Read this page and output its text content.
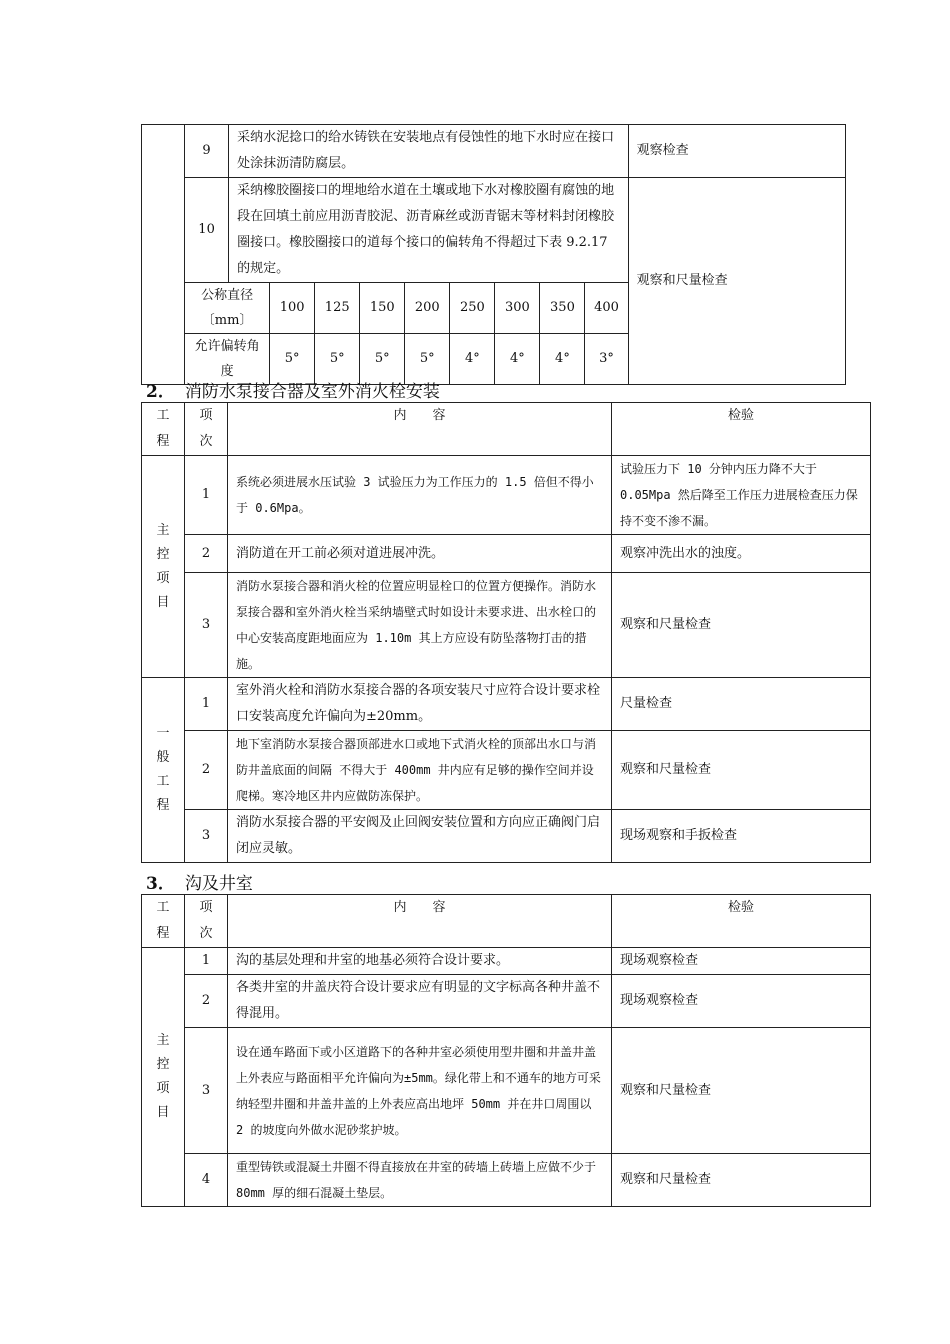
	9	采纳水泥捻口的给水铸铁在安装地点有侵蚀性的地下水时应在接口处涂抹沥清防腐层。									观察检查
	10	采纳橡胶圈接口的埋地给水道在土壤或地下水对橡胶圈有腐蚀的地段在回填土前应用沥青胶泥、沥青麻丝或沥青锯末等材料封闭橡胶圈接口。橡胶圈接口的道每个接口的偏转角不得超过下表 9.2.17 的规定。									观察和尺量检查
	公称直径〔mm〕		100	125	150	200	250	300	350	400	
	允许偏转角度		5°	5°	5°	5°	4°	4°	4°	3°	
2． 消防水泵接合器及室外消火栓安装
工程	项次	内　　容	检验
主控项目	1	系统必须进展水压试验 3 试验压力为工作压力的 1.5 倍但不得小于 0.6Mpa。	试验压力下 10 分钟内压力降不大于 0.05Mpa 然后降至工作压力进展检查压力保持不变不渗不漏。
	2	消防道在开工前必须对道进展冲洗。	观察冲洗出水的浊度。
	3	消防水泵接合器和消火栓的位置应明显栓口的位置方便操作。消防水泵接合器和室外消火栓当采纳墙壁式时如设计未要求进、出水栓口的中心安装高度距地面应为 1.10m 其上方应设有防坠落物打击的措施。	观察和尺量检查
一般工程	1	室外消火栓和消防水泵接合器的各项安装尺寸应符合设计要求栓口安装高度允许偏向为±20mm。	尺量检查
	2	地下室消防水泵接合器顶部进水口或地下式消火栓的顶部出水口与消防井盖底面的间隔 不得大于 400mm 井内应有足够的操作空间并设爬梯。寒冷地区井内应做防冻保护。	观察和尺量检查
	3	消防水泵接合器的平安阀及止回阀安装位置和方向应正确阀门启闭应灵敏。	现场观察和手扳检查
3． 沟及井室
工程	项次	内　　容	检验
主控项目	1	沟的基层处理和井室的地基必须符合设计要求。	现场观察检查
	2	各类井室的井盖庆符合设计要求应有明显的文字标高各种井盖不得混用。	现场观察检查
	3	设在通车路面下或小区道路下的各种井室必须使用型井圈和井盖井盖上外表应与路面相平允许偏向为±5mm。绿化带上和不通车的地方可采纳轻型井圈和井盖井盖的上外表应高出地坪 50mm 并在井口周围以 2 的坡度向外做水泥砂浆护坡。	观察和尺量检查
	4	重型铸铁或混凝土井圈不得直接放在井室的砖墙上砖墙上应做不少于 80mm 厚的细石混凝土垫层。	观察和尺量检查
